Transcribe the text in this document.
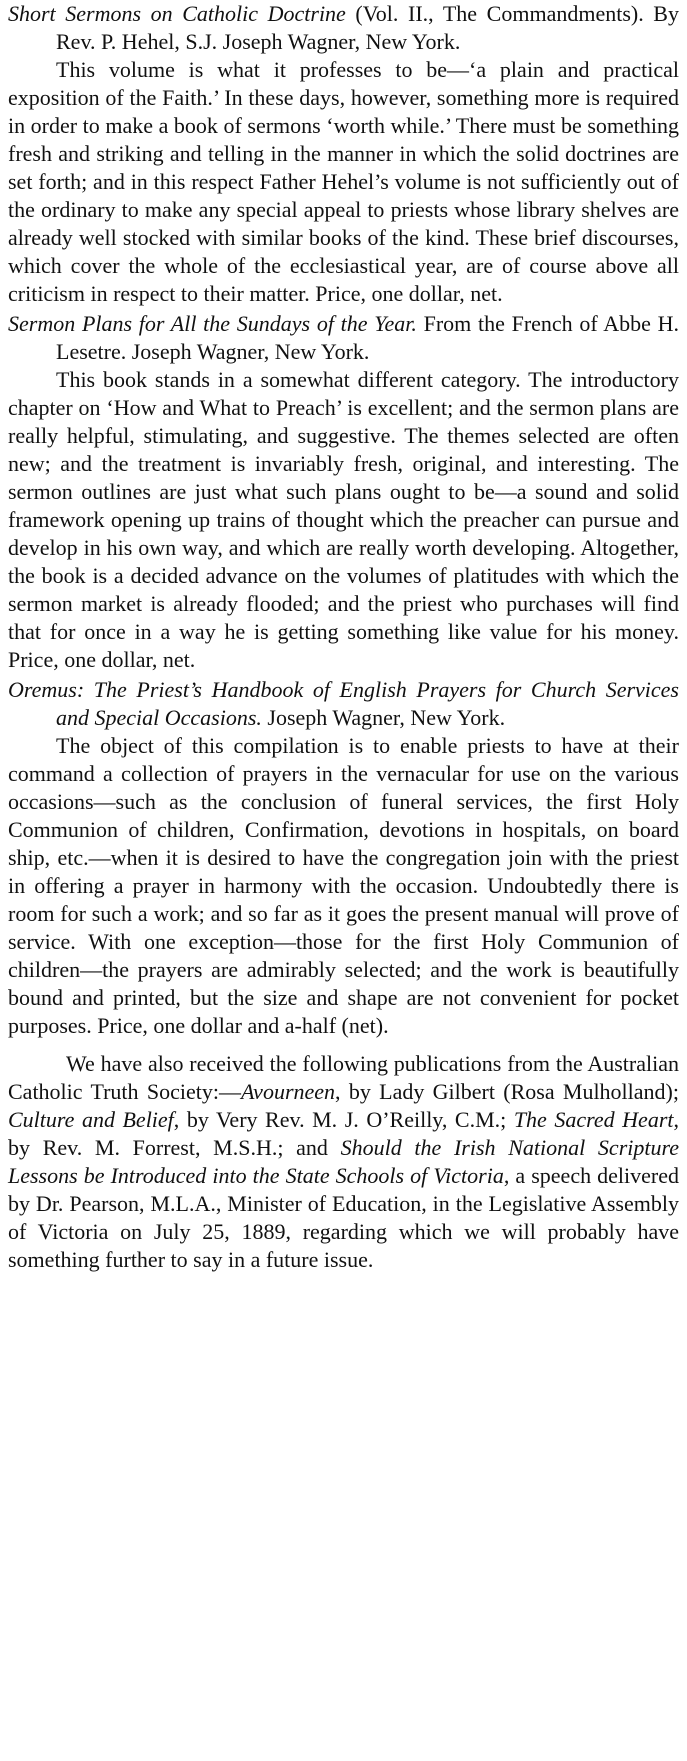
Short Sermons on Catholic Doctrine (Vol. II., The Commandments). By Rev. P. Hehel, S.J. Joseph Wagner, New York.

This volume is what it professes to be—‘a plain and practical exposition of the Faith.’ In these days, however, something more is required in order to make a book of sermons ‘worth while.’ There must be something fresh and striking and telling in the manner in which the solid doctrines are set forth; and in this respect Father Hehel’s volume is not sufficiently out of the ordinary to make any special appeal to priests whose library shelves are already well stocked with similar books of the kind. These brief discourses, which cover the whole of the ecclesiastical year, are of course above all criticism in respect to their matter. Price, one dollar, net.

Sermon Plans for All the Sundays of the Year. From the French of Abbe H. Lesetre. Joseph Wagner, New York.

This book stands in a somewhat different category. The introductory chapter on ‘How and What to Preach’ is excellent; and the sermon plans are really helpful, stimulating, and suggestive. The themes selected are often new; and the treatment is invariably fresh, original, and interesting. The sermon outlines are just what such plans ought to be—a sound and solid framework opening up trains of thought which the preacher can pursue and develop in his own way, and which are really worth developing. Altogether, the book is a decided advance on the volumes of platitudes with which the sermon market is already flooded; and the priest who purchases will find that for once in a way he is getting something like value for his money. Price, one dollar, net.

Oremus: The Priest’s Handbook of English Prayers for Church Services and Special Occasions. Joseph Wagner, New York.

The object of this compilation is to enable priests to have at their command a collection of prayers in the vernacular for use on the various occasions—such as the conclusion of funeral services, the first Holy Communion of children, Confirmation, devotions in hospitals, on board ship, etc.—when it is desired to have the congregation join with the priest in offering a prayer in harmony with the occasion. Undoubtedly there is room for such a work; and so far as it goes the present manual will prove of service. With one exception—those for the first Holy Communion of children—the prayers are admirably selected; and the work is beautifully bound and printed, but the size and shape are not convenient for pocket purposes. Price, one dollar and a-half (net).

We have also received the following publications from the Australian Catholic Truth Society:—Avourneen, by Lady Gilbert (Rosa Mulholland); Culture and Belief, by Very Rev. M. J. O’Reilly, C.M.; The Sacred Heart, by Rev. M. Forrest, M.S.H.; and Should the Irish National Scripture Lessons be Introduced into the State Schools of Victoria, a speech delivered by Dr. Pearson, M.L.A., Minister of Education, in the Legislative Assembly of Victoria on July 25, 1889, regarding which we will probably have something further to say in a future issue.
